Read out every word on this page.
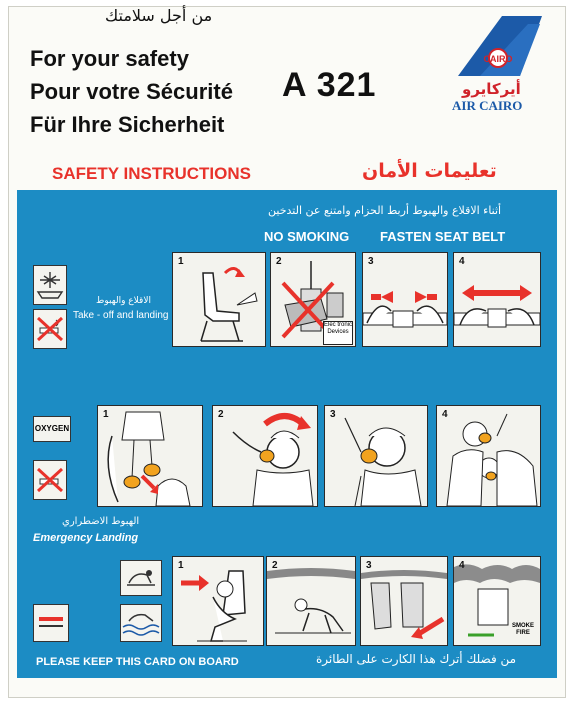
من أجل سلامتك
For your safety
Pour votre Sécurité
Für Ihre Sicherheit
A 321
CAIRO
أيركايرو
AIR CAIRO
SAFETY INSTRUCTIONS	تعليمات الأمان
أثناء الاقلاع والهبوط أربط الحزام وامتنع عن التدخين
NO SMOKING FASTEN SEAT BELT
الاقلاع والهبوط
Take - off and landing
1	2
Elec tronic Devices
3	4
OXYGEN
الهبوط الاضطراري
Emergency Landing
1	2	3	4
1	2	3	4
SMOKE FIRE
PLEASE KEEP THIS CARD ON BOARD	من فضلك أترك هذا الكارت على الطائرة
